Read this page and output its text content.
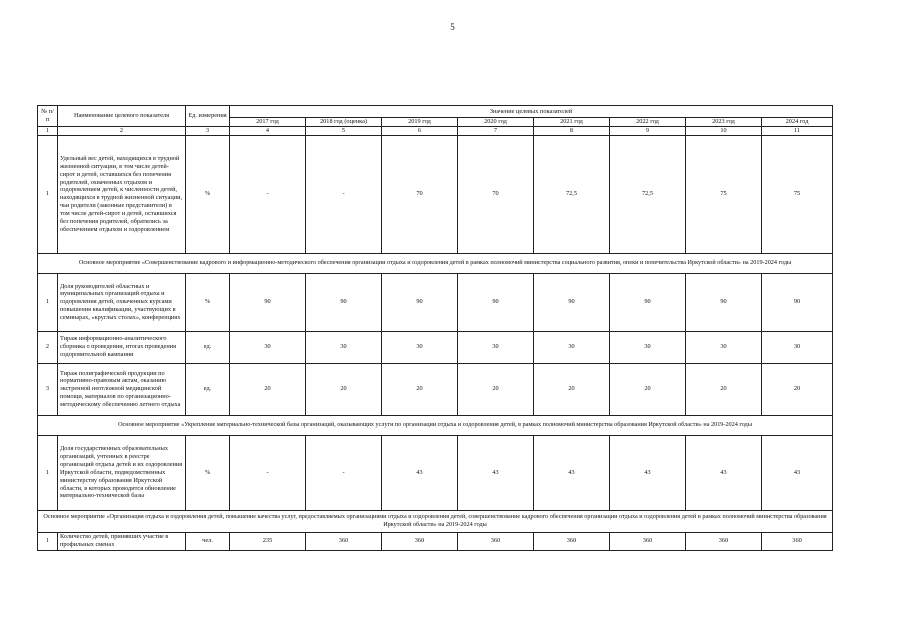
5
№ п/п	Наименование целевого показателя	Ед. измерения	Значение целевых показателей							
			2017 год	2018 год (оценка)	2019 год	2020 год	2021 год	2022 год	2023 год	2024 год
1	2	3	4	5	6	7	8	9	10	11
1	Удельный вес детей, находящихся в трудной жизненной ситуации, в том числе детей-сирот и детей, оставшихся без попечения родителей, охваченных отдыхом и оздоровлением детей, к численности детей, находящихся в трудной жизненной ситуации, чьи родители (законные представители) в том числе детей-сирот и детей, оставшихся без попечения родителей, обратились за обеспечением отдыхом и оздоровлением	%	-	-	70	70	72,5	72,5	75	75
Основное мероприятие «Совершенствование кадрового и информационно-методического обеспечения организации отдыха и оздоровления детей в рамках полномочий министерства социального развития, опеки и попечительства Иркутской области» на 2019-2024 годы										
1	Доля руководителей областных и муниципальных организаций отдыха и оздоровления детей, охваченных курсами повышения квалификации, участвующих в семинарах, «круглых столах», конференциях	%	90	90	90	90	90	90	90	90
2	Тираж информационно-аналитического сборника о проведении, итогах проведения оздоровительной кампании	ед.	30	30	30	30	30	30	30	30
3	Тираж полиграфической продукции по нормативно-правовым актам, оказанию экстренной неотложной медицинской помощи, материалов по организационно-методическому обеспечению летнего отдыха	ед.	20	20	20	20	20	20	20	20
Основное мероприятие «Укрепление материально-технической базы организаций, оказывающих услуги по организации отдыха и оздоровления детей, в рамках полномочий министерства образования Иркутской области» на 2019-2024 годы										
1	Доля государственных образовательных организаций, учтенных в реестре организаций отдыха детей и их оздоровления Иркутской области, подведомственных министерству образования Иркутской области, в которых проводится обновление материально-технической базы	%	-	-	43	43	43	43	43	43
Основное мероприятие «Организация отдыха и оздоровления детей, повышение качества услуг, предоставляемых организациями отдыха и оздоровления детей, совершенствование кадрового обеспечения организации отдыха и оздоровления детей в рамках полномочий министерства образования Иркутской области» на 2019-2024 годы										
1	Количество детей, принявших участие в профильных сменах	чел.	235	360	360	360	360	360	360	360
